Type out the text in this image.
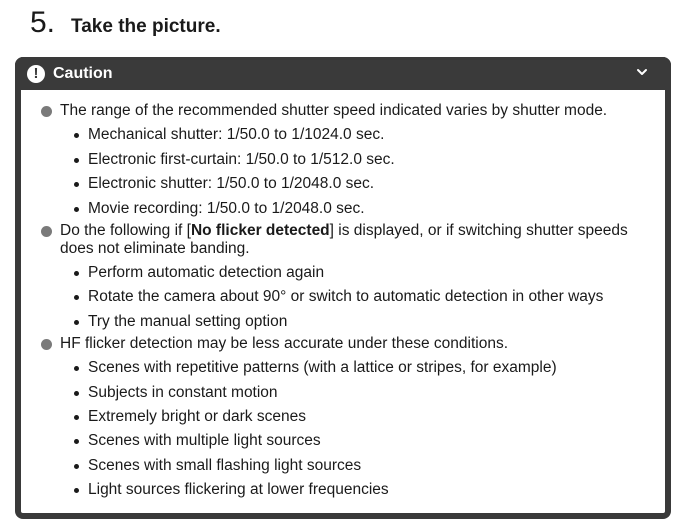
5. Take the picture.
! Caution

The range of the recommended shutter speed indicated varies by shutter mode.

Mechanical shutter: 1/50.0 to 1/1024.0 sec.
Electronic first-curtain: 1/50.0 to 1/512.0 sec.
Electronic shutter: 1/50.0 to 1/2048.0 sec.
Movie recording: 1/50.0 to 1/2048.0 sec.

Do the following if [No flicker detected] is displayed, or if switching shutter speeds does not eliminate banding.

Perform automatic detection again
Rotate the camera about 90° or switch to automatic detection in other ways
Try the manual setting option

HF flicker detection may be less accurate under these conditions.

Scenes with repetitive patterns (with a lattice or stripes, for example)
Subjects in constant motion
Extremely bright or dark scenes
Scenes with multiple light sources
Scenes with small flashing light sources
Light sources flickering at lower frequencies
